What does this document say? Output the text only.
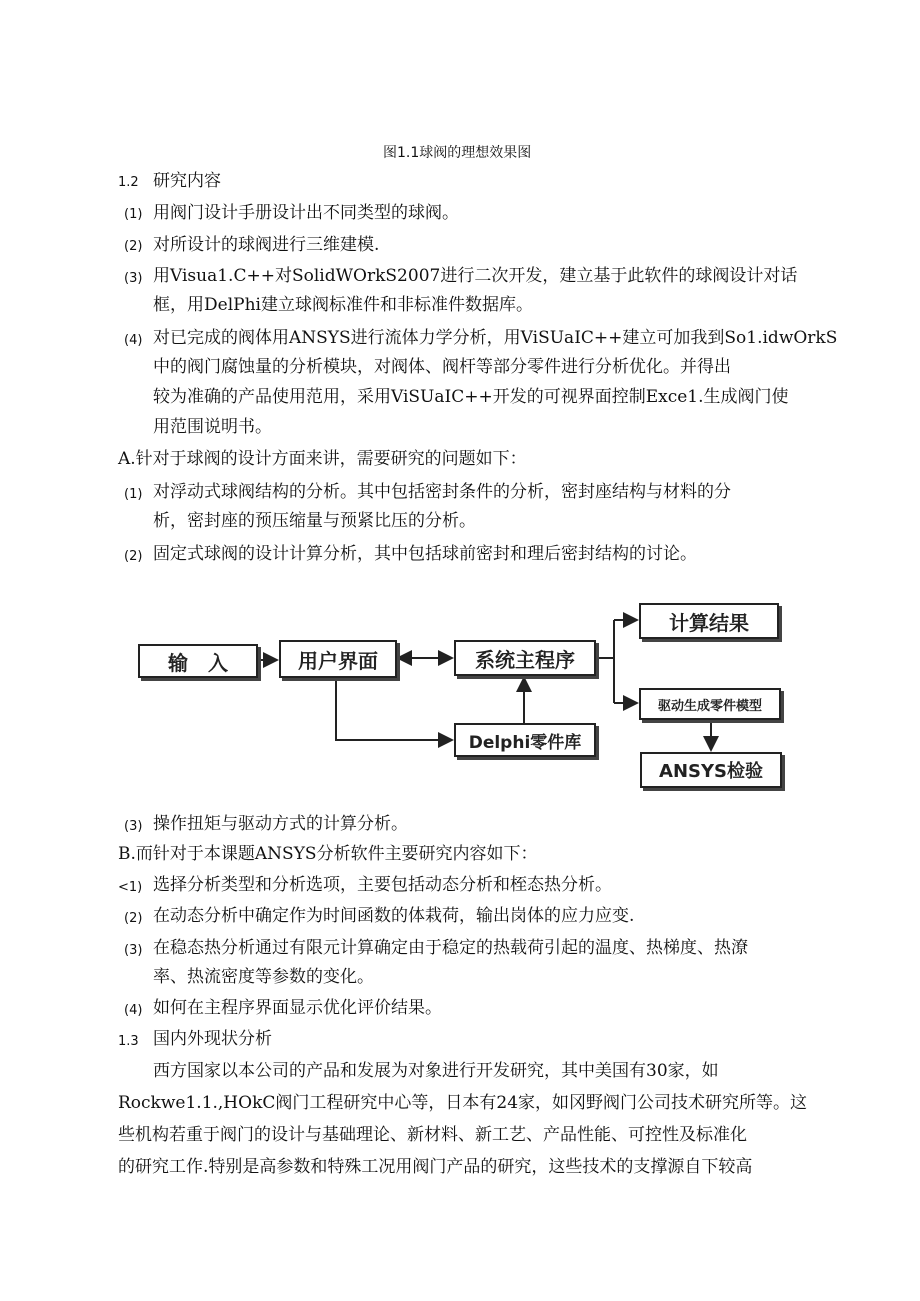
图1.1球阀的理想效果图
1.2 研究内容
(1) 用阀门设计手册设计出不同类型的球阀。
(2) 对所设计的球阀进行三维建模.
(3) 用Visua1.C++对SolidWOrkS2007进行二次开发，建立基于此软件的球阀设计对话
框，用DelPhi建立球阀标准件和非标准件数据库。
(4) 对已完成的阀体用ANSYS进行流体力学分析，用ViSUaIC++建立可加我到So1.idwOrkS
中的阀门腐蚀量的分析模块，对阀体、阀杆等部分零件进行分析优化。并得出
较为准确的产品使用范用，采用ViSUaIC++开发的可视界面控制Exce1.生成阀门使
用范围说明书。
A.针对于球阀的设计方面来讲，需要研究的问题如下：
(1) 对浮动式球阀结构的分析。其中包括密封条件的分析，密封座结构与材料的分
析，密封座的预压缩量与预紧比压的分析。
(2) 固定式球阀的设计计算分析，其中包括球前密封和理后密封结构的讨论。
输　入	用户界面	系统主程序
计算结果
驱动生成零件模型
Delphi零件库
ANSYS检验
(3) 操作扭矩与驱动方式的计算分析。
B.而针对于本课题ANSYS分析软件主要研究内容如下：
<1) 选择分析类型和分析选项，主要包括动态分析和桎态热分析。
(2) 在动态分析中确定作为时间函数的体栽荷，输出岗体的应力应变.
(3) 在稳态热分析通过有限元计算确定由于稳定的热载荷引起的温度、热梯度、热潦
率、热流密度等参数的变化。
(4) 如何在主程序界面显示优化评价结果。
1.3 国内外现状分析
西方国家以本公司的产品和发展为对象进行开发研究，其中美国有30家，如
Rockwe1.1.,HOkC阀门工程研究中心等，日本有24家，如冈野阀门公司技术研究所等。这
些机构若重于阀门的设计与基础理论、新材料、新工艺、产品性能、可控性及标准化
的研究工作.特别是高参数和特殊工况用阀门产品的研究，这些技术的支撑源自下较高
